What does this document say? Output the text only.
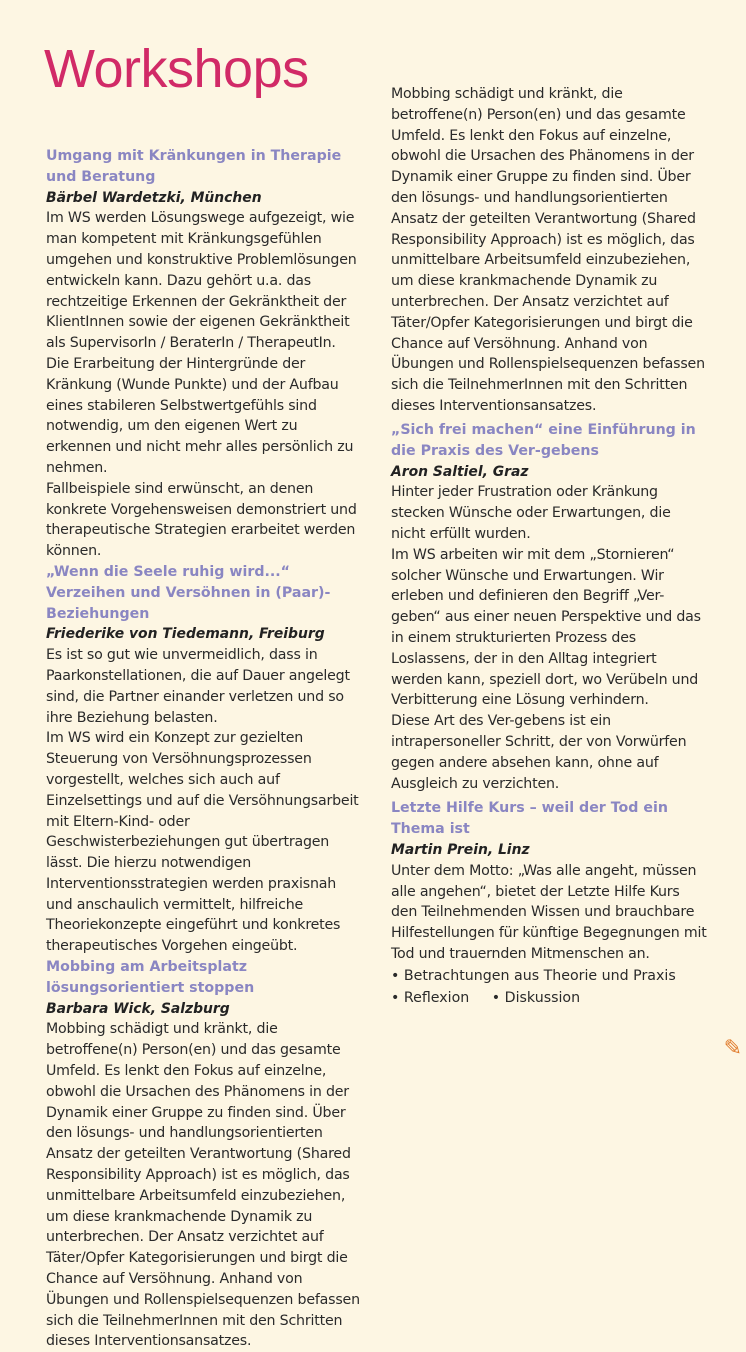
Workshops
Umgang mit Kränkungen in Therapie und Beratung

Bärbel Wardetzki, München

Im WS werden Lösungswege aufgezeigt, wie man kompetent mit Kränkungsgefühlen umgehen und konstruktive Problemlösungen entwickeln kann. Dazu gehört u.a. das rechtzeitige Erkennen der Gekränktheit der KlientInnen sowie der eigenen Gekränktheit als SupervisorIn / BeraterIn / TherapeutIn.

Die Erarbeitung der Hintergründe der Kränkung (Wunde Punkte) und der Aufbau eines stabileren Selbstwertgefühls sind notwendig, um den eigenen Wert zu erkennen und nicht mehr alles persönlich zu nehmen.

Fallbeispiele sind erwünscht, an denen konkrete Vorgehensweisen demonstriert und therapeutische Strategien erarbeitet werden können.

„Wenn die Seele ruhig wird...“ Verzeihen und Versöhnen in (Paar)- Beziehungen

Friederike von Tiedemann, Freiburg

Es ist so gut wie unvermeidlich, dass in Paarkonstellationen, die auf Dauer angelegt sind, die Partner einander verletzen und so ihre Beziehung belasten.

Im WS wird ein Konzept zur gezielten Steuerung von Versöhnungsprozessen vorgestellt, welches sich auch auf Einzelsettings und auf die Versöhnungsarbeit mit Eltern-Kind- oder Geschwisterbeziehungen gut übertragen lässt. Die hierzu notwendigen Interventionsstrategien werden praxisnah und anschaulich vermittelt, hilfreiche Theoriekonzepte eingeführt und konkretes therapeutisches Vorgehen eingeübt.

Mobbing am Arbeitsplatz lösungsorientiert stoppen

Barbara Wick, Salzburg

Mobbing schädigt und kränkt, die betroffene(n) Person(en) und das gesamte Umfeld. Es lenkt den Fokus auf einzelne, obwohl die Ursachen des Phänomens in der Dynamik einer Gruppe zu finden sind. Über den lösungs- und handlungsorientierten Ansatz der geteilten Verantwortung (Shared Responsibility Approach) ist es möglich, das unmittelbare Arbeitsumfeld einzubeziehen, um diese krankmachende Dynamik zu unterbrechen. Der Ansatz verzichtet auf Täter/Opfer Kategorisierungen und birgt die Chance auf Versöhnung. Anhand von Übungen und Rollenspielsequenzen befassen sich die TeilnehmerInnen mit den Schritten dieses Interventionsansatzes.

Mobbing schädigt und kränkt, die betroffene(n) Person(en) und das gesamte Umfeld. Es lenkt den Fokus auf einzelne, obwohl die Ursachen des Phänomens in der Dynamik einer Gruppe zu finden sind. Über den lösungs- und handlungsorientierten Ansatz der geteilten Verantwortung (Shared Responsibility Approach) ist es möglich, das unmittelbare Arbeitsumfeld einzubeziehen, um diese krankmachende Dynamik zu unterbrechen. Der Ansatz verzichtet auf Täter/Opfer Kategorisierungen und birgt die Chance auf Versöhnung. Anhand von Übungen und Rollenspielsequenzen befassen sich die TeilnehmerInnen mit den Schritten dieses Interventionsansatzes.

„Sich frei machen“ eine Einführung in die Praxis des Ver-gebens

Aron Saltiel, Graz

Hinter jeder Frustration oder Kränkung stecken Wünsche oder Erwartungen, die nicht erfüllt wurden.

Im WS arbeiten wir mit dem „Stornieren“ solcher Wünsche und Erwartungen. Wir erleben und definieren den Begriff „Ver-geben“ aus einer neuen Perspektive und das in einem strukturierten Prozess des Loslassens, der in den Alltag integriert werden kann, speziell dort, wo Verübeln und Verbitterung eine Lösung verhindern.

Diese Art des Ver-gebens ist ein intrapersoneller Schritt, der von Vorwürfen gegen andere absehen kann, ohne auf Ausgleich zu verzichten.

Letzte Hilfe Kurs – weil der Tod ein Thema ist

Martin Prein, Linz

Unter dem Motto: „Was alle angeht, müssen alle angehen“, bietet der Letzte Hilfe Kurs den Teilnehmenden Wissen und brauchbare Hilfestellungen für künftige Begegnungen mit Tod und trauernden Mitmenschen an.

• Betrachtungen aus Theorie und Praxis
• Reflexion • Diskussion
✎
